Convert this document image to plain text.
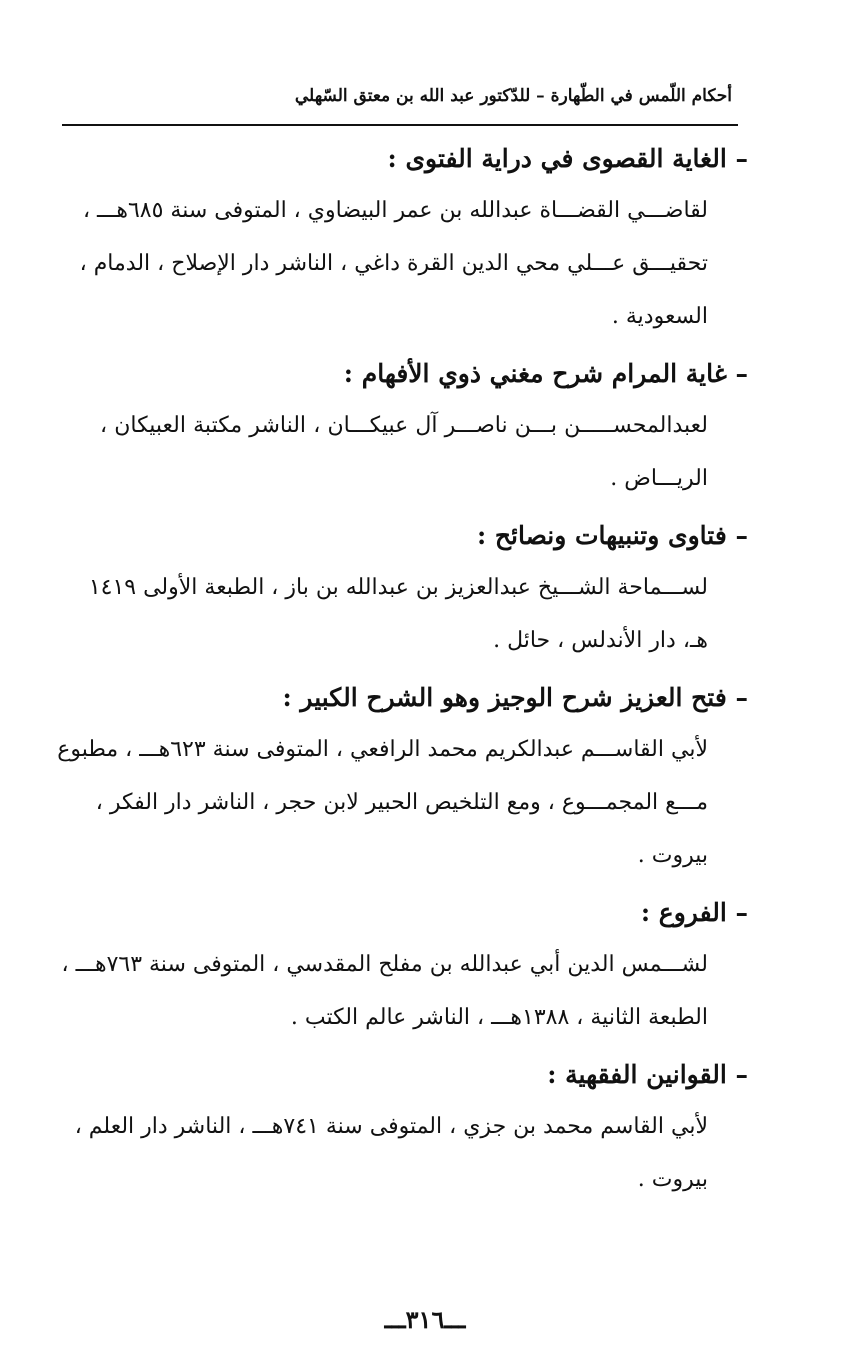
أحكام اللّمس في الطّهارة – للدّكتور عبد الله بن معتق السّهلي
– الغاية القصوى في دراية الفتوى :
لقاضـــي القضـــاة عبدالله بن عمر البيضاوي ، المتوفى سنة ٦٨٥هـــ ،
تحقيـــق عـــلي محي الدين القرة داغي ، الناشر دار الإصلاح ، الدمام ،
السعودية .
– غاية المرام شرح مغني ذوي الأفهام :
لعبدالمحســـــن بـــن ناصـــر آل عبيكـــان ، الناشر مكتبة العبيكان ،
الريـــاض .
– فتاوى وتنبيهات ونصائح :
لســـماحة الشـــيخ عبدالعزيز بن عبدالله بن باز ، الطبعة الأولى ١٤١٩
هـ، دار الأندلس ، حائل .
– فتح العزيز شرح الوجيز وهو الشرح الكبير :
لأبي القاســـم عبدالكريم محمد الرافعي ، المتوفى سنة ٦٢٣هـــ ، مطبوع
مـــع المجمـــوع ، ومع التلخيص الحبير لابن حجر ، الناشر دار الفكر ،
بيروت .
– الفروع :
لشـــمس الدين أبي عبدالله بن مفلح المقدسي ، المتوفى سنة ٧٦٣هـــ ،
الطبعة الثانية ، ١٣٨٨هـــ ، الناشر عالم الكتب .
– القوانين الفقهية :
لأبي القاسم محمد بن جزي ، المتوفى سنة ٧٤١هـــ ، الناشر دار العلم ،
بيروت .
ـــ٣١٦ـــ
